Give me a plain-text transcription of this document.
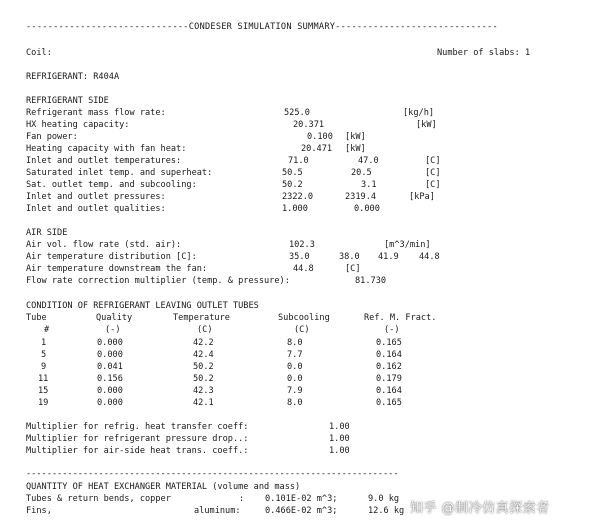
------------------------------CONDESER SIMULATION SUMMARY------------------------------
Coil:	Number of slabs: 1
REFRIGERANT: R404A
REFRIGERANT SIDE
Refrigerant mass flow rate:	525.0	[kg/h]
HX heating capacity:	20.371	[kW]
Fan power:	0.100 [kW]
Heating capacity with fan heat:	20.471 [kW]
Inlet and outlet temperatures:	71.0	47.0	[C]
Saturated inlet temp. and superheat:	50.5	20.5	[C]
Sat. outlet temp. and subcooling:	50.2	3.1	[C]
Inlet and outlet pressures:	2322.0	2319.4	[kPa]
Inlet and outlet qualities:	1.000	0.000
AIR SIDE
Air vol. flow rate (std. air):	102.3	[m^3/min]
Air temperature distribution [C]:	35.0	38.0 41.9 44.8
Air temperature downstream the fan:	44.8	[C]
Flow rate correction multiplier (temp. & pressure):	81.730
CONDITION OF REFRIGERANT LEAVING OUTLET TUBES
Tube	Quality	Temperature	Subcooling	Ref. M. Fract.
#	(-)	(C)	(C)	(-)
1	0.000	42.2	8.0	0.165
5	0.000	42.4	7.7	0.164
9	0.041	50.2	0.0	0.162
11	0.156	50.2	0.0	0.179
15	0.000	42.3	7.9	0.164
19	0.000	42.1	8.0	0.165
Multiplier for refrig. heat transfer coeff:	1.00
Multiplier for refrigerant pressure drop..:	1.00
Multiplier for air-side heat trans. coeff.:	1.00
------------------------------------------------------------------------
QUANTITY OF HEAT EXCHANGER MATERIAL (volume and mass)
Tubes & return bends, copper	: 0.101E-02 m^3;	9.0 kg
Fins,	aluminum:	0.466E-02 m^3;	12.6 kg 知乎 @制冷仿真探索者
